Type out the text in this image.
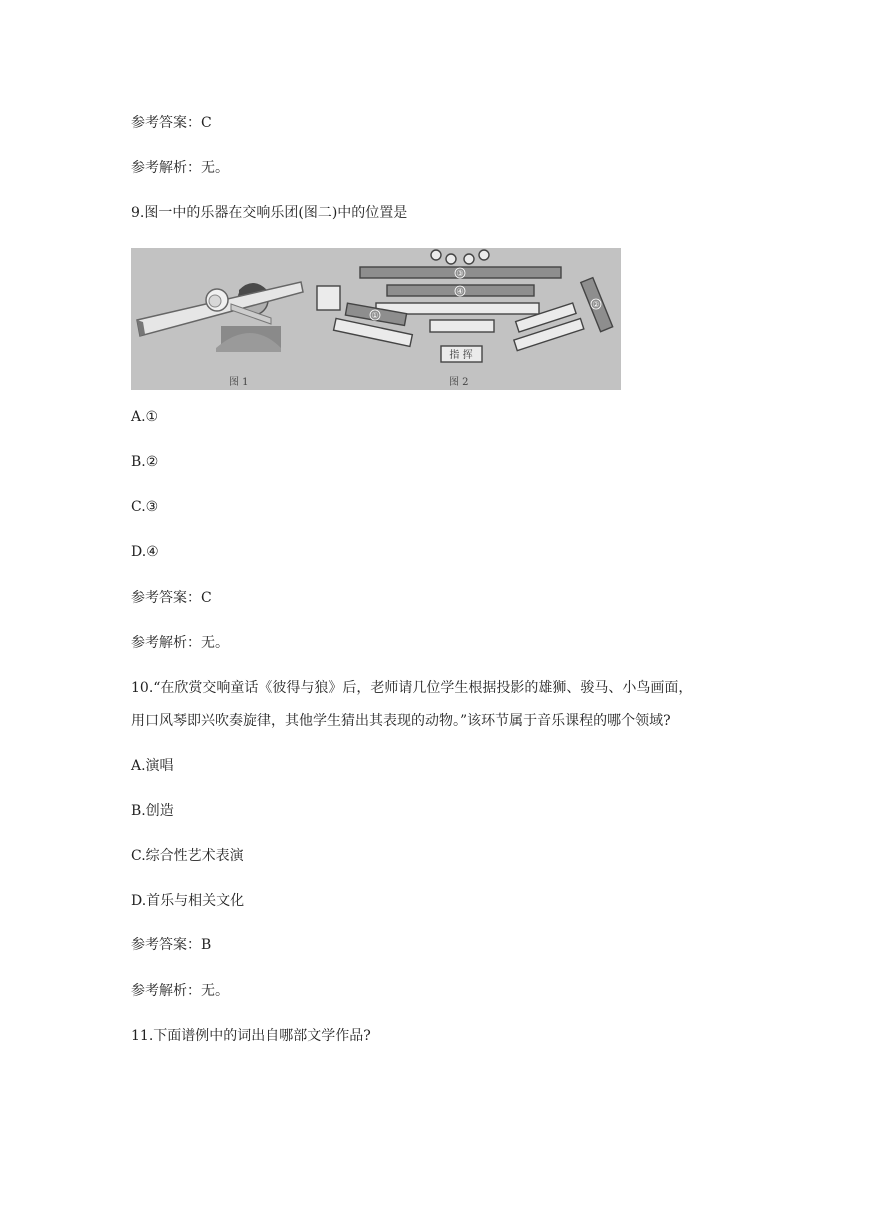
参考答案：C
参考解析：无。
9.图一中的乐器在交响乐团(图二)中的位置是
图 1
③
④
①
②
指 挥
图 2
A.①
B.②
C.③
D.④
参考答案：C
参考解析：无。
10.“在欣赏交响童话《彼得与狼》后，老师请几位学生根据投影的雄狮、骏马、小鸟画面，
用口风琴即兴吹奏旋律，其他学生猜出其表现的动物。”该环节属于音乐课程的哪个领域?
A.演唱
B.创造
C.综合性艺术表演
D.首乐与相关文化
参考答案：B
参考解析：无。
11.下面谱例中的词出自哪部文学作品?
